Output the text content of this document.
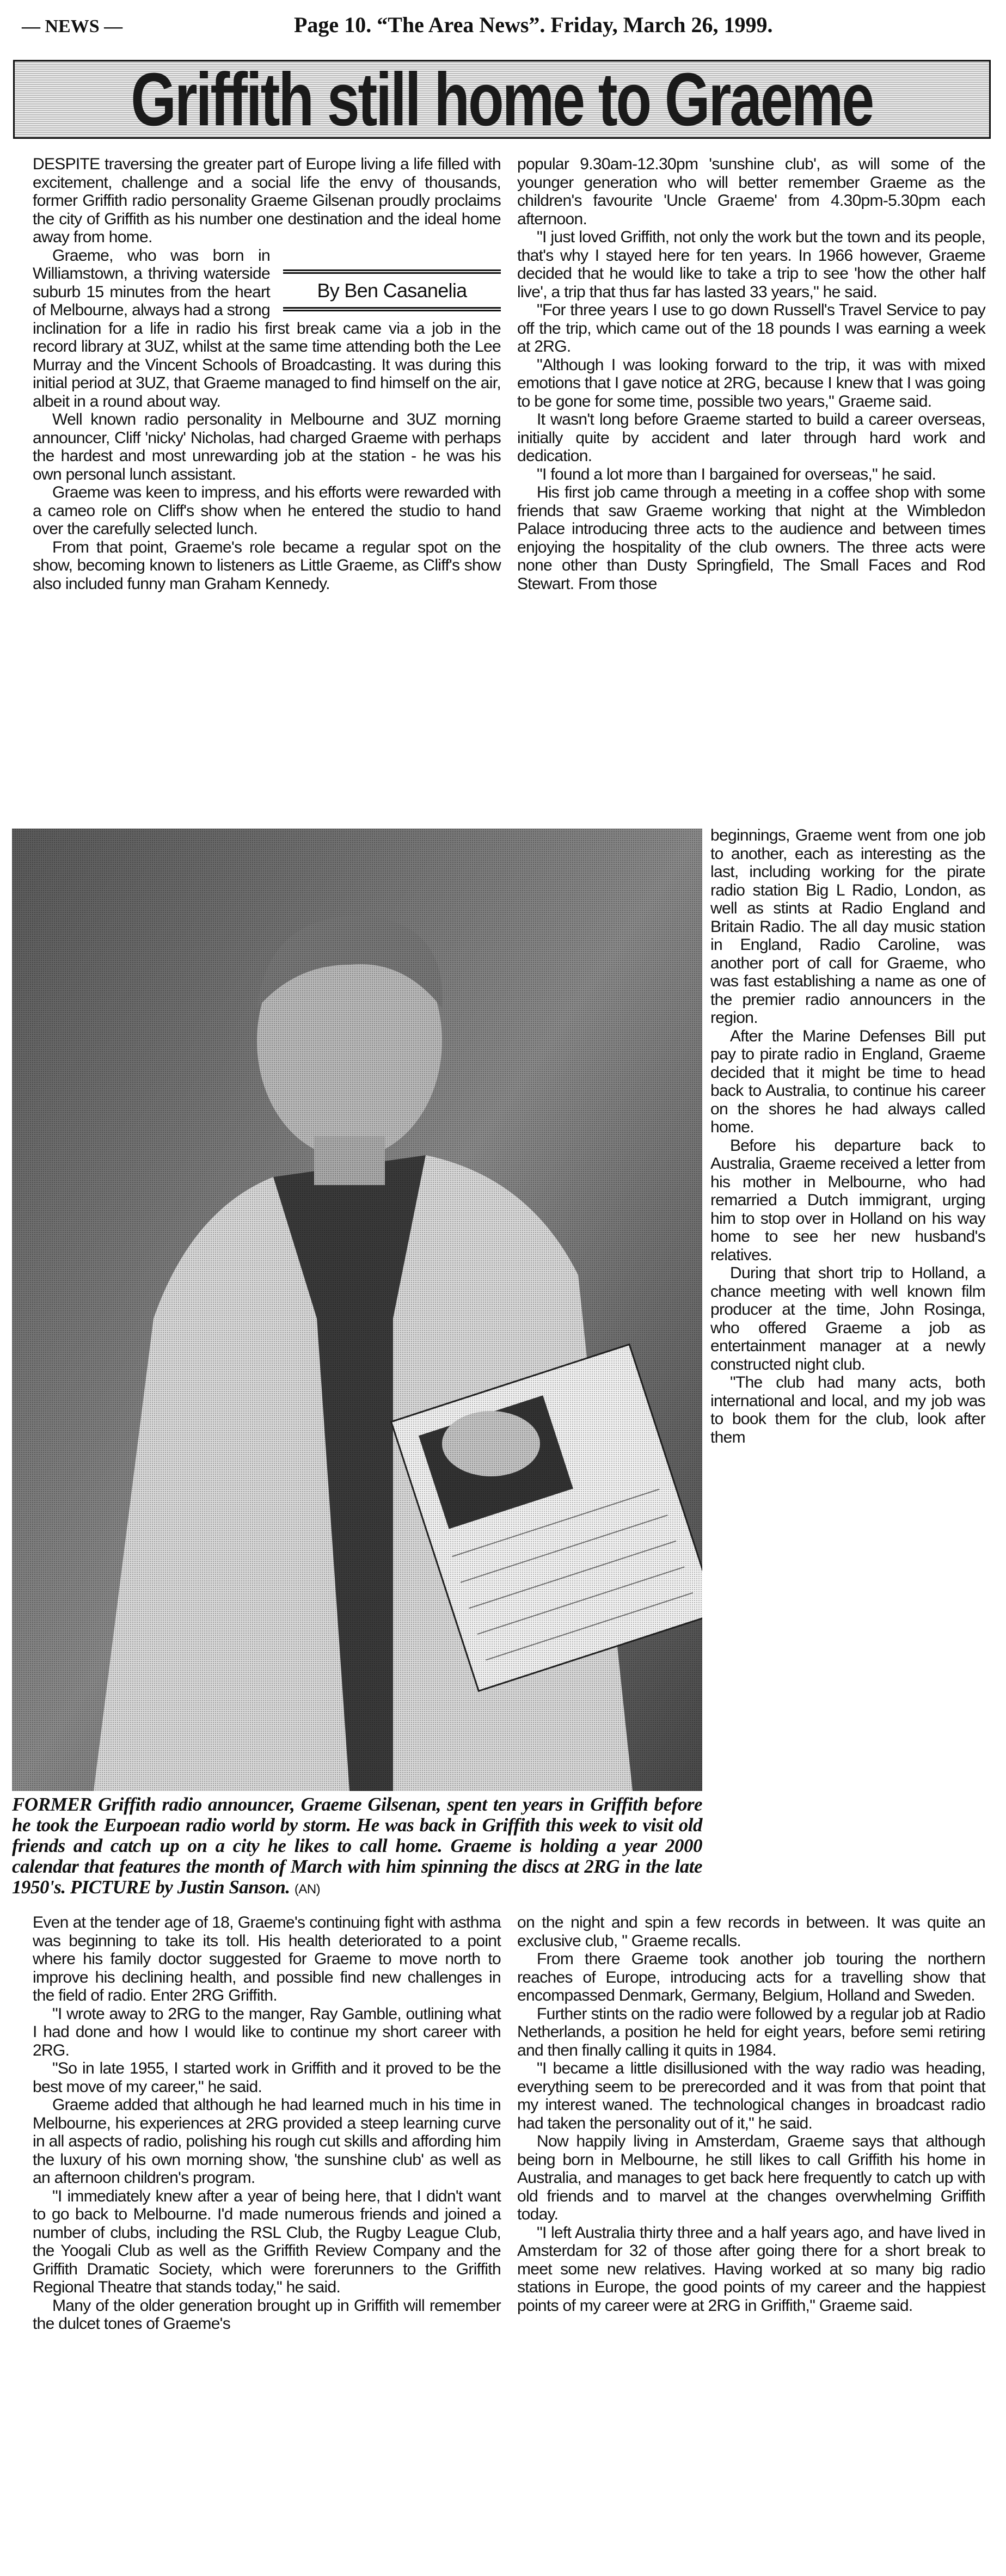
— NEWS —	Page 10. “The Area News”. Friday, March 26, 1999.
Griffith still home to Graeme

DESPITE traversing the greater part of Europe living a life filled with excitement, challenge and a social life the envy of thousands, former Griffith radio personality Graeme Gilsenan proudly proclaims the city of Griffith as his number one destination and the ideal home away from home.

By Ben Casanelia

Graeme, who was born in Williamstown, a thriving waterside suburb 15 minutes from the heart of Melbourne, always had a strong inclination for a life in radio his first break came via a job in the record library at 3UZ, whilst at the same time attending both the Lee Murray and the Vincent Schools of Broadcasting. It was during this initial period at 3UZ, that Graeme managed to find himself on the air, albeit in a round about way.

Well known radio personality in Melbourne and 3UZ morning announcer, Cliff 'nicky' Nicholas, had charged Graeme with perhaps the hardest and most unrewarding job at the station - he was his own personal lunch assistant.

Graeme was keen to impress, and his efforts were rewarded with a cameo role on Cliff's show when he entered the studio to hand over the carefully selected lunch.

From that point, Graeme's role became a regular spot on the show, becoming known to listeners as Little Graeme, as Cliff's show also included funny man Graham Kennedy.

popular 9.30am-12.30pm 'sunshine club', as will some of the younger generation who will better remember Graeme as the children's favourite 'Uncle Graeme' from 4.30pm-5.30pm each afternoon.

"I just loved Griffith, not only the work but the town and its people, that's why I stayed here for ten years. In 1966 however, Graeme decided that he would like to take a trip to see 'how the other half live', a trip that thus far has lasted 33 years," he said.

"For three years I use to go down Russell's Travel Service to pay off the trip, which came out of the 18 pounds I was earning a week at 2RG.

"Although I was looking forward to the trip, it was with mixed emotions that I gave notice at 2RG, because I knew that I was going to be gone for some time, possible two years," Graeme said.

It wasn't long before Graeme started to build a career overseas, initially quite by accident and later through hard work and dedication.

"I found a lot more than I bargained for overseas," he said.

His first job came through a meeting in a coffee shop with some friends that saw Graeme working that night at the Wimbledon Palace introducing three acts to the audience and between times enjoying the hospitality of the club owners. The three acts were none other than Dusty Springfield, The Small Faces and Rod Stewart. From those

FORMER Griffith radio announcer, Graeme Gilsenan, spent ten years in Griffith before he took the Eurpoean radio world by storm. He was back in Griffith this week to visit old friends and catch up on a city he likes to call home. Graeme is holding a year 2000 calendar that features the month of March with him spinning the discs at 2RG in the late 1950's. PICTURE by Justin Sanson. (AN)

beginnings, Graeme went from one job to another, each as interesting as the last, including working for the pirate radio station Big L Radio, London, as well as stints at Radio England and Britain Radio. The all day music station in England, Radio Caroline, was another port of call for Graeme, who was fast establishing a name as one of the premier radio announcers in the region.

After the Marine Defenses Bill put pay to pirate radio in England, Graeme decided that it might be time to head back to Australia, to continue his career on the shores he had always called home.

Before his departure back to Australia, Graeme received a letter from his mother in Melbourne, who had remarried a Dutch immigrant, urging him to stop over in Holland on his way home to see her new husband's relatives.

During that short trip to Holland, a chance meeting with well known film producer at the time, John Rosinga, who offered Graeme a job as entertainment manager at a newly constructed night club.

"The club had many acts, both international and local, and my job was to book them for the club, look after them

Even at the tender age of 18, Graeme's continuing fight with asthma was beginning to take its toll. His health deteriorated to a point where his family doctor suggested for Graeme to move north to improve his declining health, and possible find new challenges in the field of radio. Enter 2RG Griffith.

"I wrote away to 2RG to the manger, Ray Gamble, outlining what I had done and how I would like to continue my short career with 2RG.

"So in late 1955, I started work in Griffith and it proved to be the best move of my career," he said.

Graeme added that although he had learned much in his time in Melbourne, his experiences at 2RG provided a steep learning curve in all aspects of radio, polishing his rough cut skills and affording him the luxury of his own morning show, 'the sunshine club' as well as an afternoon children's program.

"I immediately knew after a year of being here, that I didn't want to go back to Melbourne. I'd made numerous friends and joined a number of clubs, including the RSL Club, the Rugby League Club, the Yoogali Club as well as the Griffith Review Company and the Griffith Dramatic Society, which were forerunners to the Griffith Regional Theatre that stands today," he said.

Many of the older generation brought up in Griffith will remember the dulcet tones of Graeme's

on the night and spin a few records in between. It was quite an exclusive club, " Graeme recalls.

From there Graeme took another job touring the northern reaches of Europe, introducing acts for a travelling show that encompassed Denmark, Germany, Belgium, Holland and Sweden.

Further stints on the radio were followed by a regular job at Radio Netherlands, a position he held for eight years, before semi retiring and then finally calling it quits in 1984.

"I became a little disillusioned with the way radio was heading, everything seem to be prerecorded and it was from that point that my interest waned. The technological changes in broadcast radio had taken the personality out of it," he said.

Now happily living in Amsterdam, Graeme says that although being born in Melbourne, he still likes to call Griffith his home in Australia, and manages to get back here frequently to catch up with old friends and to marvel at the changes overwhelming Griffith today.

"I left Australia thirty three and a half years ago, and have lived in Amsterdam for 32 of those after going there for a short break to meet some new relatives. Having worked at so many big radio stations in Europe, the good points of my career and the happiest points of my career were at 2RG in Griffith," Graeme said.
